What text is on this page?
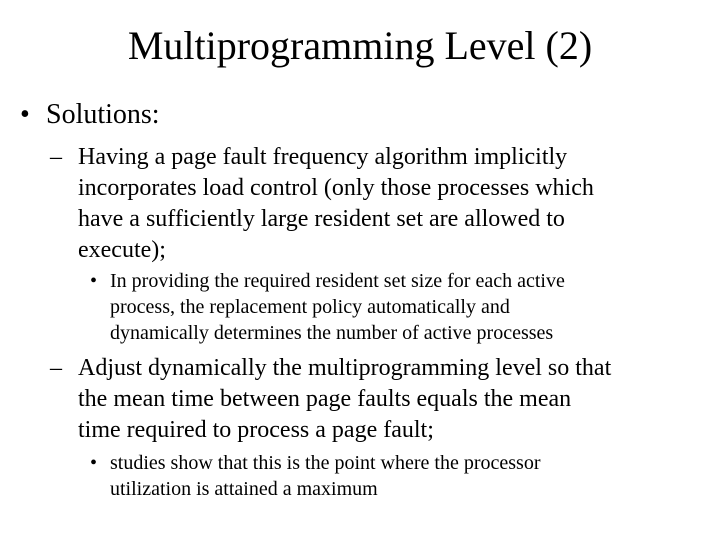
Multiprogramming Level (2)
• Solutions:
– Having a page fault frequency algorithm implicitly
incorporates load control (only those processes which
have a sufficiently large resident set are allowed to
execute);
• In providing the required resident set size for each active
process, the replacement policy automatically and
dynamically determines the number of active processes
– Adjust dynamically the multiprogramming level so that
the mean time between page faults equals the mean
time required to process a page fault;
• studies show that this is the point where the processor
utilization is attained a maximum
